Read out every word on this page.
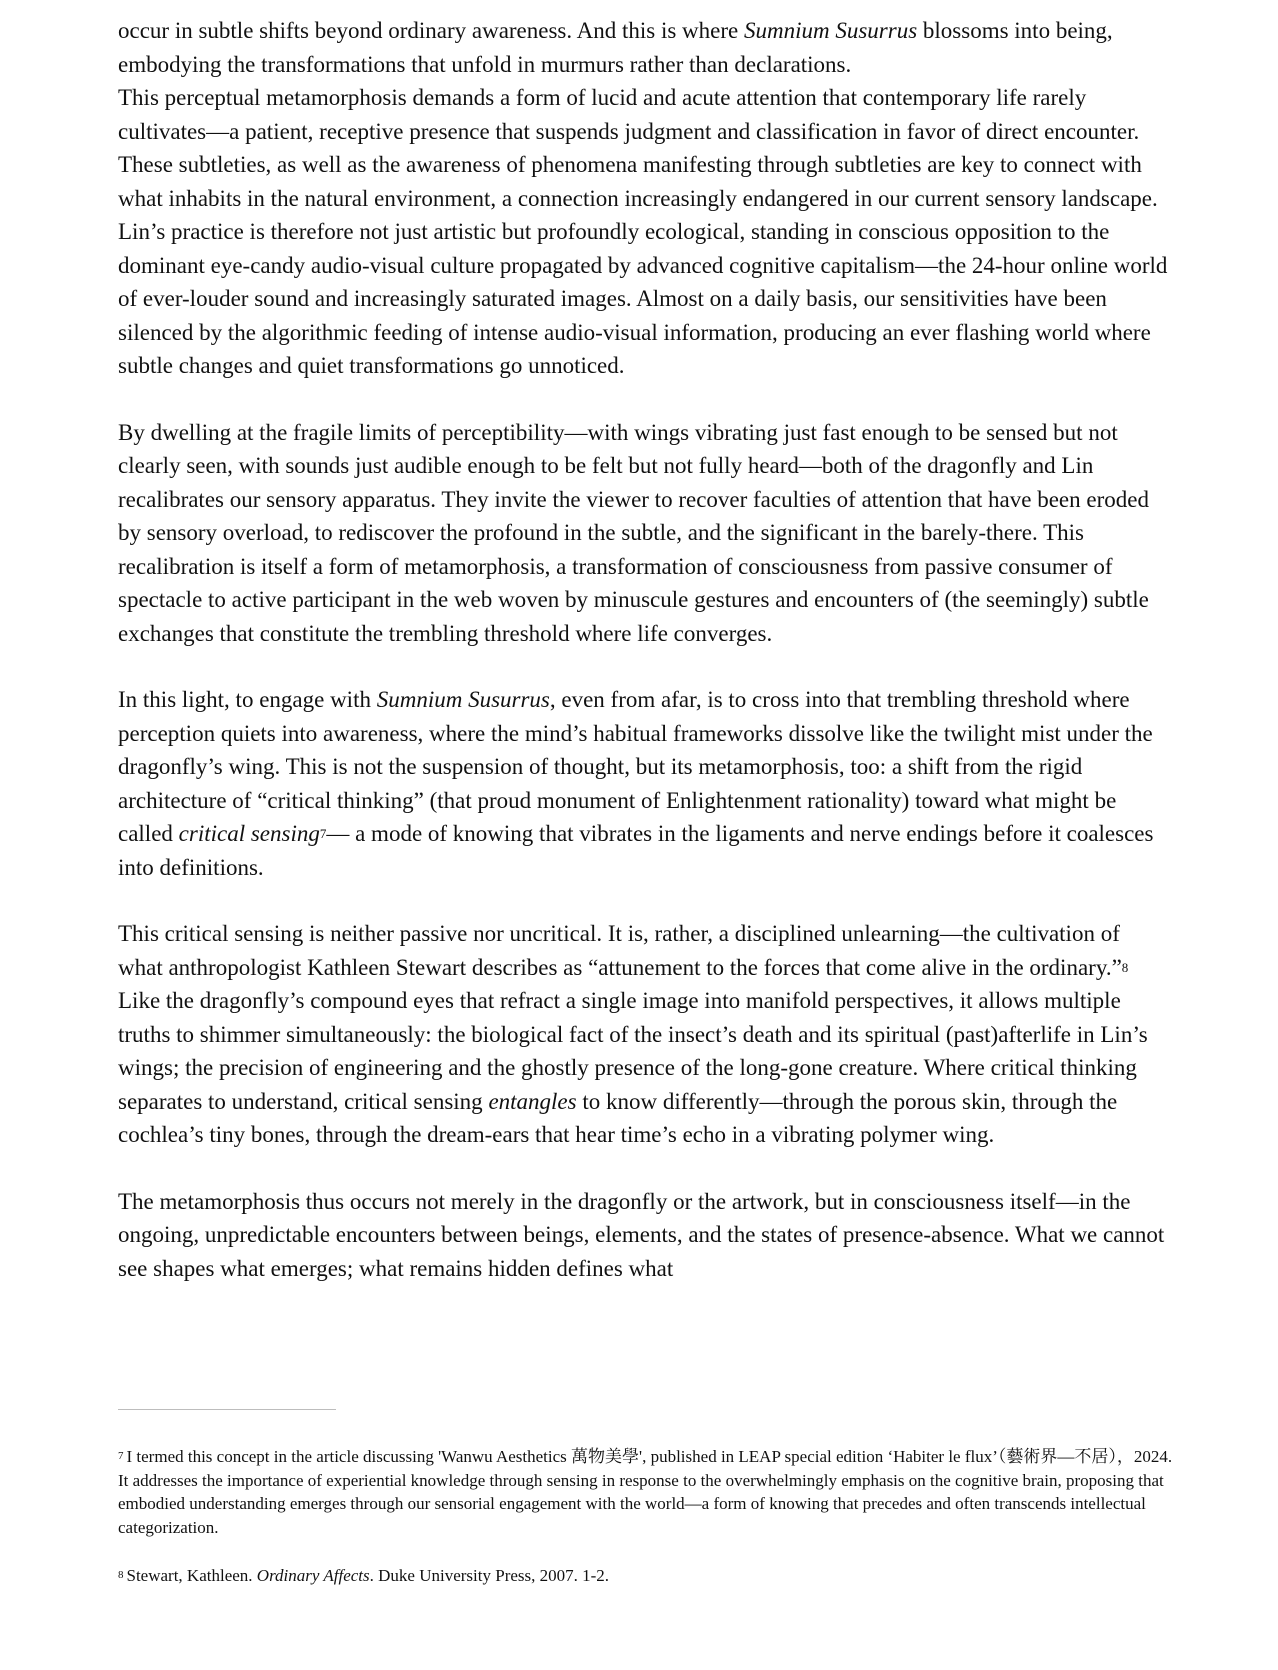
occur in subtle shifts beyond ordinary awareness. And this is where Sumnium Susurrus blossoms into being, embodying the transformations that unfold in murmurs rather than declarations.

This perceptual metamorphosis demands a form of lucid and acute attention that contemporary life rarely cultivates—a patient, receptive presence that suspends judgment and classification in favor of direct encounter. These subtleties, as well as the awareness of phenomena manifesting through subtleties are key to connect with what inhabits in the natural environment, a connection increasingly endangered in our current sensory landscape. Lin’s practice is therefore not just artistic but profoundly ecological, standing in conscious opposition to the dominant eye-candy audio-visual culture propagated by advanced cognitive capitalism—the 24-hour online world of ever-louder sound and increasingly saturated images. Almost on a daily basis, our sensitivities have been silenced by the algorithmic feeding of intense audio-visual information, producing an ever flashing world where subtle changes and quiet transformations go unnoticed.

By dwelling at the fragile limits of perceptibility—with wings vibrating just fast enough to be sensed but not clearly seen, with sounds just audible enough to be felt but not fully heard—both of the dragonfly and Lin recalibrates our sensory apparatus. They invite the viewer to recover faculties of attention that have been eroded by sensory overload, to rediscover the profound in the subtle, and the significant in the barely-there. This recalibration is itself a form of metamorphosis, a transformation of consciousness from passive consumer of spectacle to active participant in the web woven by minuscule gestures and encounters of (the seemingly) subtle exchanges that constitute the trembling threshold where life converges.

In this light, to engage with Sumnium Susurrus, even from afar, is to cross into that trembling threshold where perception quiets into awareness, where the mind’s habitual frameworks dissolve like the twilight mist under the dragonfly’s wing. This is not the suspension of thought, but its metamorphosis, too: a shift from the rigid architecture of “critical thinking” (that proud monument of Enlightenment rationality) toward what might be called critical sensing$^7$— a mode of knowing that vibrates in the ligaments and nerve endings before it coalesces into definitions.

This critical sensing is neither passive nor uncritical. It is, rather, a disciplined unlearning—the cultivation of what anthropologist Kathleen Stewart describes as “attunement to the forces that come alive in the ordinary.”$^8$ Like the dragonfly’s compound eyes that refract a single image into manifold perspectives, it allows multiple truths to shimmer simultaneously: the biological fact of the insect’s death and its spiritual (past)afterlife in Lin’s wings; the precision of engineering and the ghostly presence of the long-gone creature. Where critical thinking separates to understand, critical sensing entangles to know differently—through the porous skin, through the cochlea’s tiny bones, through the dream-ears that hear time’s echo in a vibrating polymer wing.

The metamorphosis thus occurs not merely in the dragonfly or the artwork, but in consciousness itself—in the ongoing, unpredictable encounters between beings, elements, and the states of presence-absence. What we cannot see shapes what emerges; what remains hidden defines what

$^7$ I termed this concept in the article discussing 'Wanwu Aesthetics 萬物美學', published in LEAP special edition ‘Habiter le flux’（藝術界—不居），2024. It addresses the importance of experiential knowledge through sensing in response to the overwhelmingly emphasis on the cognitive brain, proposing that embodied understanding emerges through our sensorial engagement with the world—a form of knowing that precedes and often transcends intellectual categorization.

$^8$ Stewart, Kathleen. Ordinary Affects. Duke University Press, 2007. 1-2.
